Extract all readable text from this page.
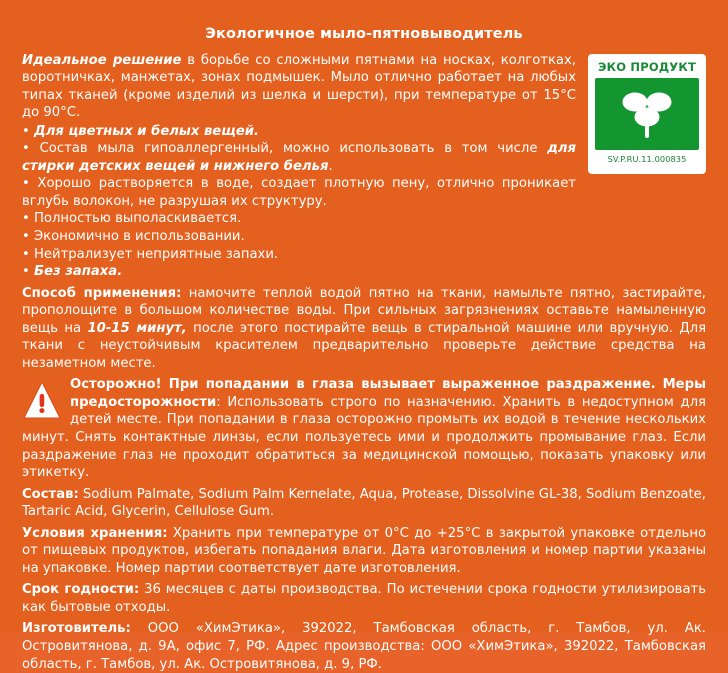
Экологичное мыло-пятновыводитель
ЭКО ПРОДУКТ
SV.P.RU.11.000835

Идеальное решение в борьбе со сложными пятнами на носках, колготках, воротничках, манжетах, зонах подмышек. Мыло отлично работает на любых типах тканей (кроме изделий из шелка и шерсти), при температуре от 15°С до 90°С.

• Для цветных и белых вещей.

• Состав мыла гипоаллергенный, можно использовать в том числе для стирки детских вещей и нижнего белья.

• Хорошо растворяется в воде, создает плотную пену, отлично проникает вглубь волокон, не разрушая их структуру.

• Полностью выполаскивается.

• Экономично в использовании.

• Нейтрализует неприятные запахи.

• Без запаха.

Способ применения: намочите теплой водой пятно на ткани, намыльте пятно, застирайте, прополощите в большом количестве воды. При сильных загрязнениях оставьте намыленную вещь на 10-15 минут, после этого постирайте вещь в стиральной машине или вручную. Для ткани с неустойчивым красителем предварительно проверьте действие средства на незаметном месте.
Осторожно! При попадании в глаза вызывает выраженное раздражение. Меры предосторожности: Использовать строго по назначению. Хранить в недоступном для детей месте. При попадании в глаза осторожно промыть их водой в течение нескольких минут. Снять контактные линзы, если пользуетесь ими и продолжить промывание глаз. Если раздражение глаз не проходит обратиться за медицинской помощью, показать упаковку или этикетку.
Состав: Sodium Palmate, Sodium Palm Kernelate, Aqua, Protease, Dissolvine GL-38, Sodium Benzoate, Tartaric Acid, Glycerin, Cellulose Gum.
Условия хранения: Хранить при температуре от 0°С до +25°С в закрытой упаковке отдельно от пищевых продуктов, избегать попадания влаги. Дата изготовления и номер партии указаны на упаковке. Номер партии соответствует дате изготовления.
Срок годности: 36 месяцев с даты производства. По истечении срока годности утилизировать как бытовые отходы.
Изготовитель: ООО «ХимЭтика», 392022, Тамбовская область, г. Тамбов, ул. Ак. Островитянова, д. 9А, офис 7, РФ. Адрес производства: ООО «ХимЭтика», 392022, Тамбовская область, г. Тамбов, ул. Ак. Островитянова, д. 9, РФ.
